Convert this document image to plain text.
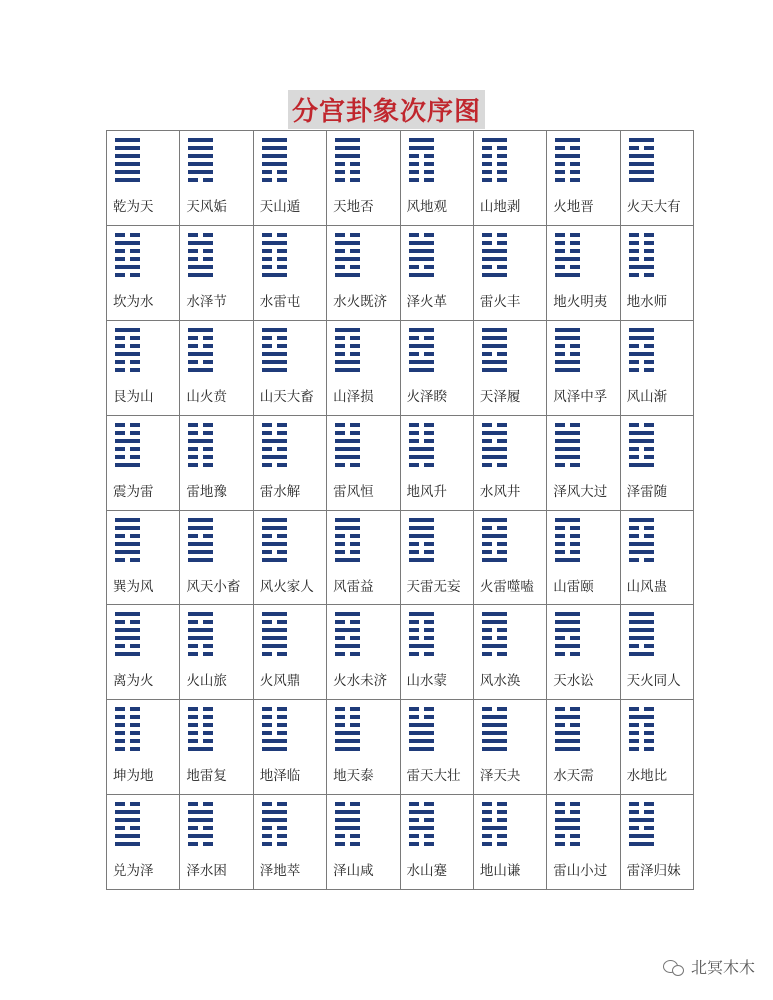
分宫卦象次序图
乾为天 天风姤 天山遁 天地否 风地观 山地剥 火地晋 火天大有
坎为水 水泽节 水雷屯 水火既济 泽火革 雷火丰 地火明夷 地水师
艮为山 山火贲 山天大畜 山泽损 火泽睽 天泽履 风泽中孚 风山渐
震为雷 雷地豫 雷水解 雷风恒 地风升 水风井 泽风大过 泽雷随
巽为风 风天小畜 风火家人 风雷益 天雷无妄 火雷噬嗑 山雷颐 山风蛊
离为火 火山旅 火风鼎 火水未济 山水蒙 风水涣 天水讼 天火同人
坤为地 地雷复 地泽临 地天泰 雷天大壮 泽天夬 水天需 水地比
兑为泽 泽水困 泽地萃 泽山咸 水山蹇 地山谦 雷山小过 雷泽归妹
北冥木木
